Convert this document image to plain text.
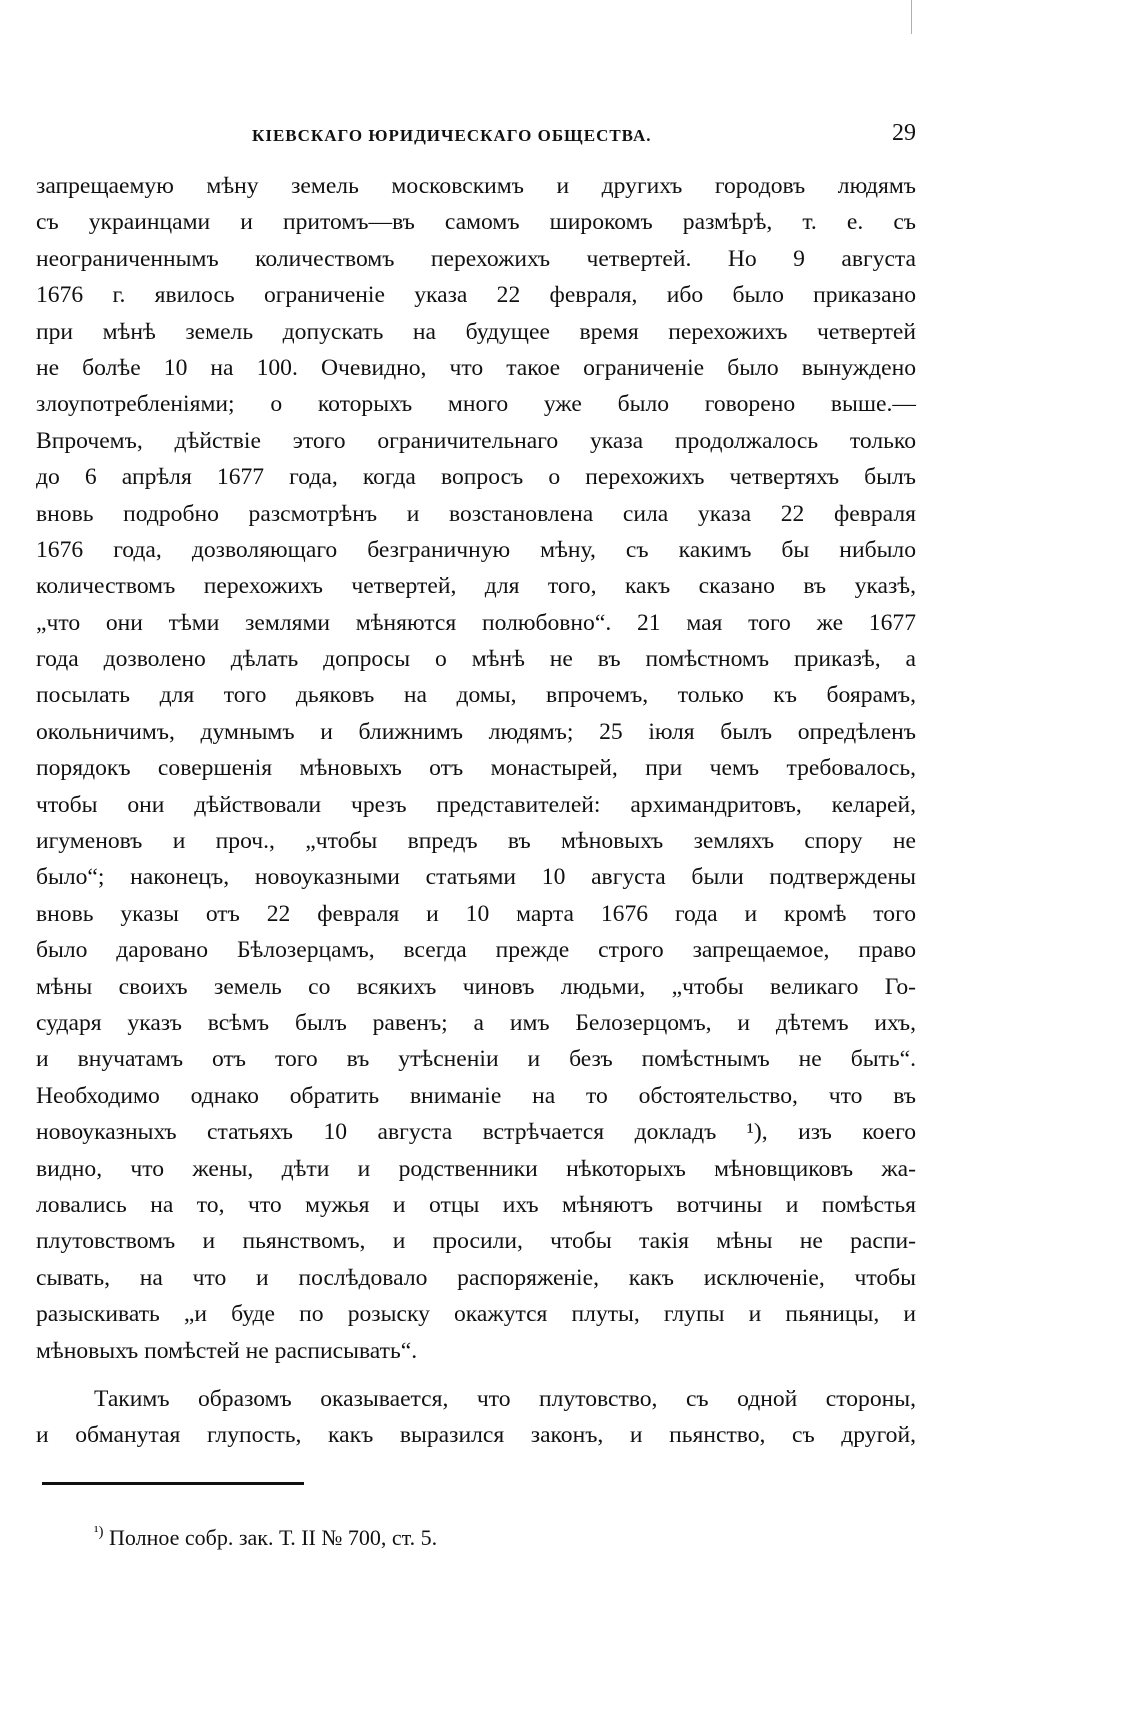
КІЕВСКАГО ЮРИДИЧЕСКАГО ОБЩЕСТВА.	29
запрещаемую мѣну земель московскимъ и другихъ городовъ людямъ
съ украинцами и притомъ—въ самомъ широкомъ размѣрѣ, т. е. съ
неограниченнымъ количествомъ перехожихъ четвертей. Но 9 августа
1676 г. явилось ограниченіе указа 22 февраля, ибо было приказано
при мѣнѣ земель допускать на будущее время перехожихъ четвертей
не болѣе 10 на 100. Очевидно, что такое ограниченіе было вынуждено
злоупотребленіями; о которыхъ много уже было говорено выше.—
Впрочемъ, дѣйствіе этого ограничительнаго указа продолжалось только
до 6 апрѣля 1677 года, когда вопросъ о перехожихъ четвертяхъ былъ
вновь подробно разсмотрѣнъ и возстановлена сила указа 22 февраля
1676 года, дозволяющаго безграничную мѣну, съ какимъ бы нибыло
количествомъ перехожихъ четвертей, для того, какъ сказано въ указѣ,
„что они тѣми землями мѣняются полюбовно“. 21 мая того же 1677
года дозволено дѣлать допросы о мѣнѣ не въ помѣстномъ приказѣ, а
посылать для того дьяковъ на домы, впрочемъ, только къ боярамъ,
окольничимъ, думнымъ и ближнимъ людямъ; 25 іюля былъ опредѣленъ
порядокъ совершенія мѣновыхъ отъ монастырей, при чемъ требовалось,
чтобы они дѣйствовали чрезъ представителей: архимандритовъ, келарей,
игуменовъ и проч., „чтобы впредъ въ мѣновыхъ земляхъ спору не
было“; наконецъ, новоуказными статьями 10 августа были подтверждены
вновь указы отъ 22 февраля и 10 марта 1676 года и кромѣ того
было даровано Бѣлозерцамъ, всегда прежде строго запрещаемое, право
мѣны своихъ земель со всякихъ чиновъ людьми, „чтобы великаго Го-
сударя указъ всѣмъ былъ равенъ; а имъ Белозерцомъ, и дѣтемъ ихъ,
и внучатамъ отъ того въ утѣсненіи и безъ помѣстнымъ не быть“.
Необходимо однако обратить вниманіе на то обстоятельство, что въ
новоуказныхъ статьяхъ 10 августа встрѣчается докладъ ¹), изъ коего
видно, что жены, дѣти и родственники нѣкоторыхъ мѣновщиковъ жа-
ловались на то, что мужья и отцы ихъ мѣняютъ вотчины и помѣстья
плутовствомъ и пьянствомъ, и просили, чтобы такія мѣны не распи-
сывать, на что и послѣдовало распоряженіе, какъ исключеніе, чтобы
разыскивать „и буде по розыску окажутся плуты, глупы и пьяницы, и
мѣновыхъ помѣстей не расписывать“.
Такимъ образомъ оказывается, что плутовство, съ одной стороны,
и обманутая глупость, какъ выразился законъ, и пьянство, съ другой,
$^{^1)}$ Полное собр. зак. Т. II № 700, ст. 5.
